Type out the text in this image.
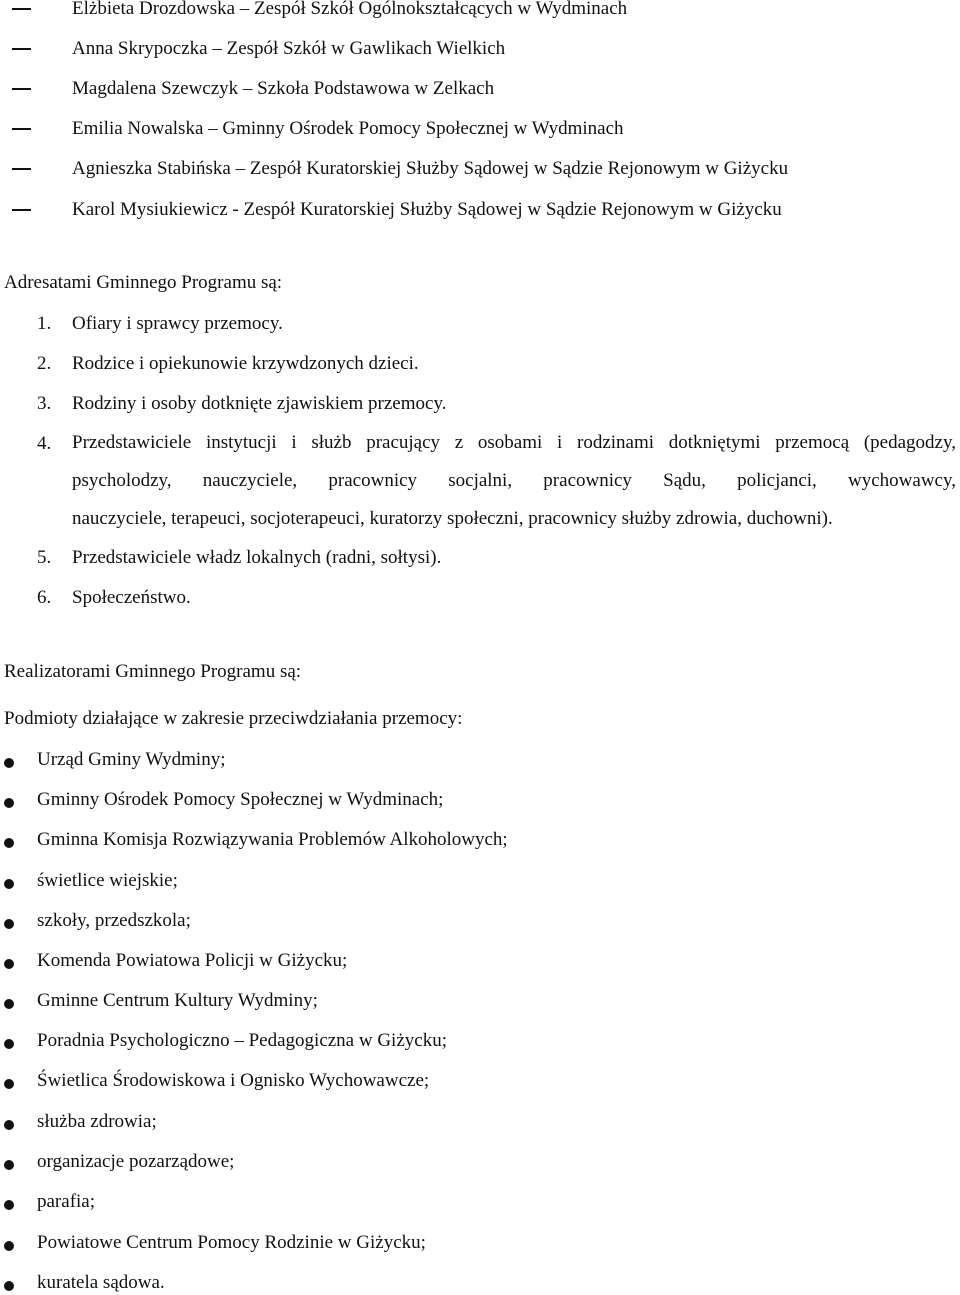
Elżbieta Drozdowska – Zespół Szkół Ogólnokształcących w Wydminach
Anna Skrypoczka – Zespół Szkół w Gawlikach Wielkich
Magdalena Szewczyk – Szkoła Podstawowa w Zelkach
Emilia Nowalska – Gminny Ośrodek Pomocy Społecznej w Wydminach
Agnieszka Stabińska – Zespół Kuratorskiej Służby Sądowej w Sądzie Rejonowym w Giżycku
Karol Mysiukiewicz - Zespół Kuratorskiej Służby Sądowej w Sądzie Rejonowym w Giżycku
Adresatami Gminnego Programu są:
1. Ofiary i sprawcy przemocy.
2. Rodzice i opiekunowie krzywdzonych dzieci.
3. Rodziny i osoby dotknięte zjawiskiem przemocy.
4. Przedstawiciele instytucji i służb pracujący z osobami i rodzinami dotkniętymi przemocą (pedagodzy,
psycholodzy, nauczyciele, pracownicy socjalni, pracownicy Sądu, policjanci, wychowawcy,
nauczyciele, terapeuci, socjoterapeuci, kuratorzy społeczni, pracownicy służby zdrowia, duchowni).
5. Przedstawiciele władz lokalnych (radni, sołtysi).
6. Społeczeństwo.
Realizatorami Gminnego Programu są:
Podmioty działające w zakresie przeciwdziałania przemocy:
Urząd Gminy Wydminy;
Gminny Ośrodek Pomocy Społecznej w Wydminach;
Gminna Komisja Rozwiązywania Problemów Alkoholowych;
świetlice wiejskie;
szkoły, przedszkola;
Komenda Powiatowa Policji w Giżycku;
Gminne Centrum Kultury Wydminy;
Poradnia Psychologiczno – Pedagogiczna w Giżycku;
Świetlica Środowiskowa i Ognisko Wychowawcze;
służba zdrowia;
organizacje pozarządowe;
parafia;
Powiatowe Centrum Pomocy Rodzinie w Giżycku;
kuratela sądowa.
